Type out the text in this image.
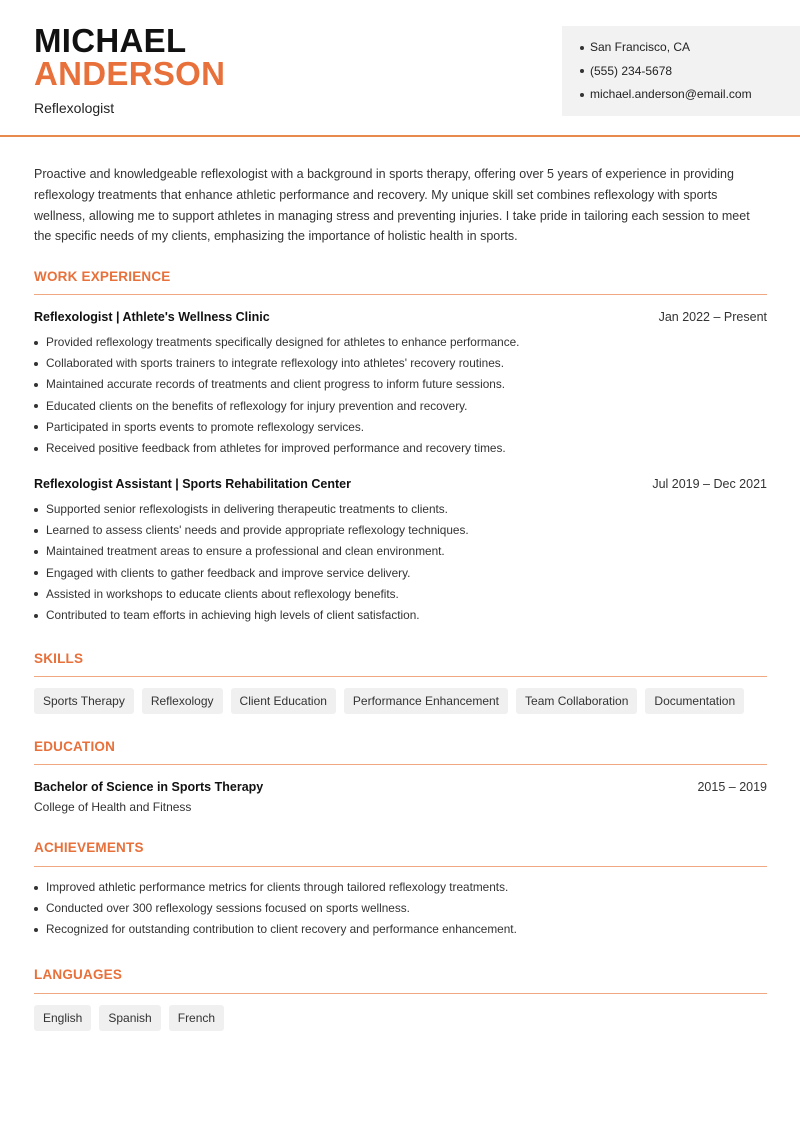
MICHAEL
ANDERSON
Reflexologist
San Francisco, CA
(555) 234-5678
michael.anderson@email.com
Proactive and knowledgeable reflexologist with a background in sports therapy, offering over 5 years of experience in providing reflexology treatments that enhance athletic performance and recovery. My unique skill set combines reflexology with sports wellness, allowing me to support athletes in managing stress and preventing injuries. I take pride in tailoring each session to meet the specific needs of my clients, emphasizing the importance of holistic health in sports.
WORK EXPERIENCE
Reflexologist | Athlete's Wellness Clinic	Jan 2022 – Present
Provided reflexology treatments specifically designed for athletes to enhance performance.
Collaborated with sports trainers to integrate reflexology into athletes' recovery routines.
Maintained accurate records of treatments and client progress to inform future sessions.
Educated clients on the benefits of reflexology for injury prevention and recovery.
Participated in sports events to promote reflexology services.
Received positive feedback from athletes for improved performance and recovery times.
Reflexologist Assistant | Sports Rehabilitation Center	Jul 2019 – Dec 2021
Supported senior reflexologists in delivering therapeutic treatments to clients.
Learned to assess clients' needs and provide appropriate reflexology techniques.
Maintained treatment areas to ensure a professional and clean environment.
Engaged with clients to gather feedback and improve service delivery.
Assisted in workshops to educate clients about reflexology benefits.
Contributed to team efforts in achieving high levels of client satisfaction.
SKILLS
Sports Therapy	Reflexology	Client Education	Performance Enhancement	Team Collaboration	Documentation
EDUCATION
Bachelor of Science in Sports Therapy	2015 – 2019
College of Health and Fitness
ACHIEVEMENTS
Improved athletic performance metrics for clients through tailored reflexology treatments.
Conducted over 300 reflexology sessions focused on sports wellness.
Recognized for outstanding contribution to client recovery and performance enhancement.
LANGUAGES
English	Spanish	French
